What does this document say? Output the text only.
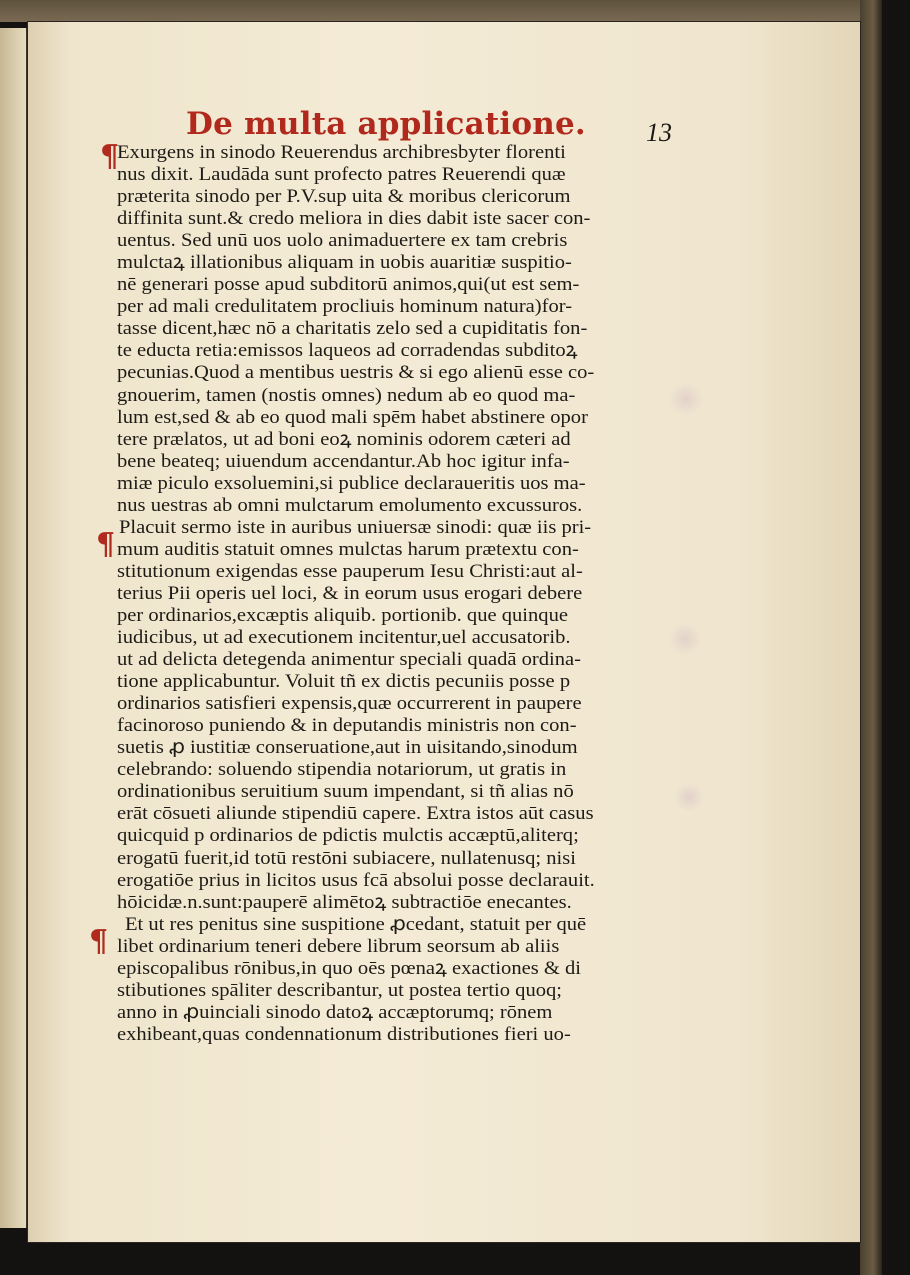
De multa applicatione. 13
¶
¶
¶
Exurgens in sinodo Reuerendus archibresbyter florenti
nus dixit. Laudāda sunt profecto patres Reuerendi quæ
præterita sinodo per P.V.sup uita & moribus clericorum
diffinita sunt.& credo meliora in dies dabit iste sacer con-
uentus. Sed unū uos uolo animaduertere ex tam crebris
mulctaꝝ illationibus aliquam in uobis auaritiæ suspitio-
nē generari posse apud subditorū animos,qui(ut est sem-
per ad mali credulitatem procliuis hominum natura)for-
tasse dicent,hæc nō a charitatis zelo sed a cupiditatis fon-
te educta retia:emissos laqueos ad corradendas subditoꝝ
pecunias.Quod a mentibus uestris & si ego alienū esse co-
gnouerim, tamen (nostis omnes) nedum ab eo quod ma-
lum est,sed & ab eo quod mali spēm habet abstinere opor
tere prælatos, ut ad boni eoꝝ nominis odorem cæteri ad
bene beateq; uiuendum accendantur.Ab hoc igitur infa-
miæ piculo exsoluemini,si publice declaraueritis uos ma-
nus uestras ab omni mulctarum emolumento excussuros.
Placuit sermo iste in auribus uniuersæ sinodi: quæ iis pri-
mum auditis statuit omnes mulctas harum prætextu con-
stitutionum exigendas esse pauperum Iesu Christi:aut al-
terius Pii operis uel loci, & in eorum usus erogari debere
per ordinarios,excæptis aliquib. portionib. que quinque
iudicibus, ut ad executionem incitentur,uel accusatorib.
ut ad delicta detegenda animentur speciali quadā ordina-
tione applicabuntur. Voluit tñ ex dictis pecuniis posse p
ordinarios satisfieri expensis,quæ occurrerent in paupere
facinoroso puniendo & in deputandis ministris non con-
suetis ꝓ iustitiæ conseruatione,aut in uisitando,sinodum
celebrando: soluendo stipendia notariorum, ut gratis in
ordinationibus seruitium suum impendant, si tñ alias nō
erāt cōsueti aliunde stipendiū capere. Extra istos aūt casus
quicquid p ordinarios de pdictis mulctis accæptū,aliterq;
erogatū fuerit,id totū restōni subiacere, nullatenusq; nisi
erogatiōe prius in licitos usus fcā absolui posse declarauit.
hōicidæ.n.sunt:pauperē alimētoꝝ subtractiōe enecantes.
Et ut res penitus sine suspitione ꝓcedant, statuit per quē
libet ordinarium teneri debere librum seorsum ab aliis
episcopalibus rōnibus,in quo oēs pœnaꝝ exactiones & di
stibutiones spāliter describantur, ut postea tertio quoq;
anno in ꝓuinciali sinodo datoꝝ accæptorumq; rōnem
exhibeant,quas condennationum distributiones fieri uo-
